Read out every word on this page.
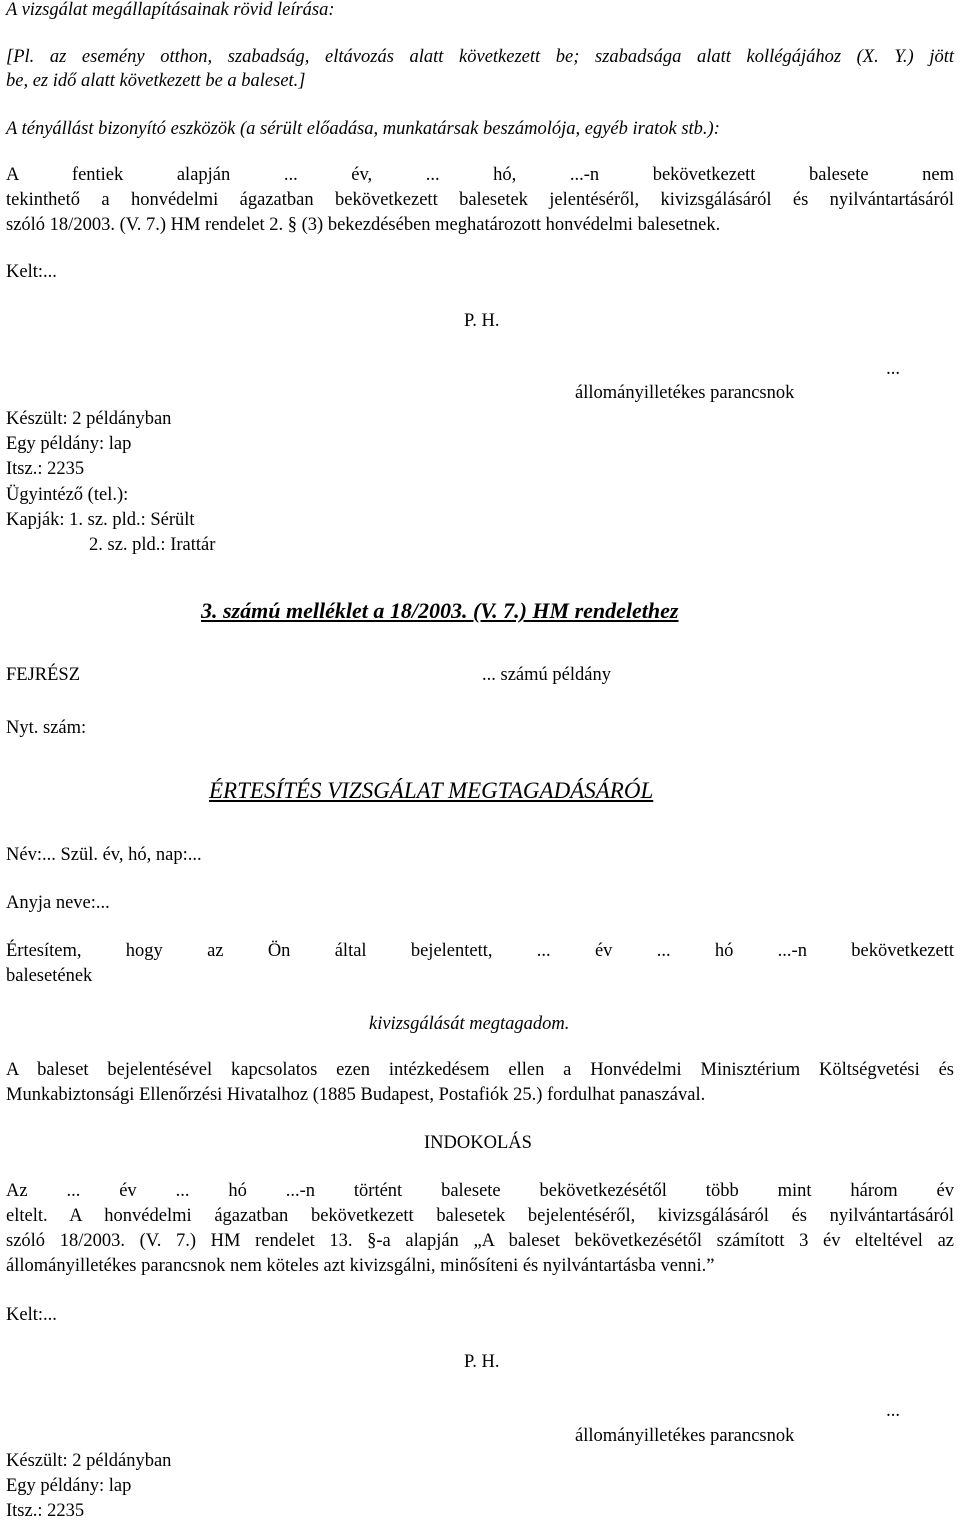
A vizsgálat megállapításainak rövid leírása:
[Pl. az esemény otthon, szabadság, eltávozás alatt következett be; szabadsága alatt kollégájához (X. Y.) jött
be, ez idő alatt következett be a baleset.]
A tényállást bizonyító eszközök (a sérült előadása, munkatársak beszámolója, egyéb iratok stb.):
A fentiek alapján ... év, ... hó, ...-n bekövetkezett balesete nem
tekinthető a honvédelmi ágazatban bekövetkezett balesetek jelentéséről, kivizsgálásáról és nyilvántartásáról
szóló 18/2003. (V. 7.) HM rendelet 2. § (3) bekezdésében meghatározott honvédelmi balesetnek.
Kelt:...
P. H.
...
állományilletékes parancsnok
Készült: 2 példányban
Egy példány: lap
Itsz.: 2235
Ügyintéző (tel.):
Kapják: 1. sz. pld.: Sérült
2. sz. pld.: Irattár
3. számú melléklet a 18/2003. (V. 7.) HM rendelethez
FEJRÉSZ	... számú példány
Nyt. szám:
ÉRTESÍTÉS VIZSGÁLAT MEGTAGADÁSÁRÓL
Név:... Szül. év, hó, nap:...
Anyja neve:...
Értesítem, hogy az Ön által bejelentett, ... év ... hó ...-n bekövetkezett
balesetének
kivizsgálását megtagadom.
A baleset bejelentésével kapcsolatos ezen intézkedésem ellen a Honvédelmi Minisztérium Költségvetési és
Munkabiztonsági Ellenőrzési Hivatalhoz (1885 Budapest, Postafiók 25.) fordulhat panaszával.
INDOKOLÁS
Az ... év ... hó ...-n történt balesete bekövetkezésétől több mint három év
eltelt. A honvédelmi ágazatban bekövetkezett balesetek bejelentéséről, kivizsgálásáról és nyilvántartásáról
szóló 18/2003. (V. 7.) HM rendelet 13. §-a alapján „A baleset bekövetkezésétől számított 3 év elteltével az
állományilletékes parancsnok nem köteles azt kivizsgálni, minősíteni és nyilvántartásba venni.”
Kelt:...
P. H.
...
állományilletékes parancsnok
Készült: 2 példányban
Egy példány: lap
Itsz.: 2235
